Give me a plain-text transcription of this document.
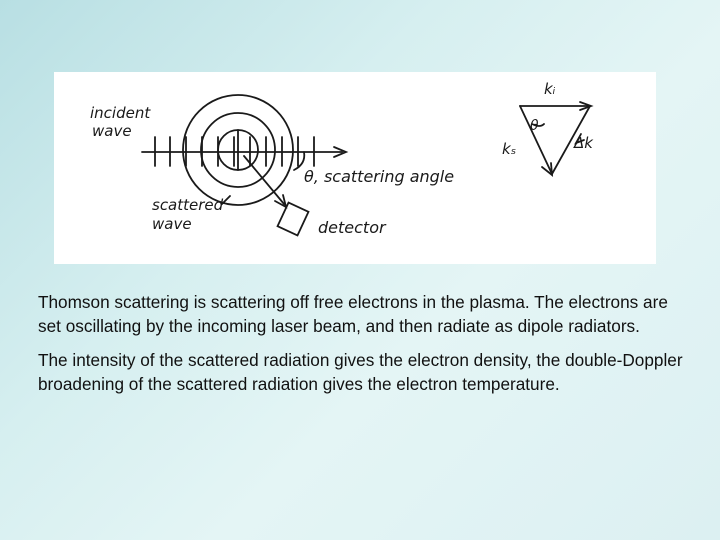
incident
wave
scattered
wave
θ, scattering angle
detector
kᵢ
kₛ
θ
Δk

Thomson scattering is scattering off free electrons in the plasma. The electrons are set oscillating by the incoming laser beam, and then radiate as dipole radiators.

The intensity of the scattered radiation gives the electron density, the double-Doppler broadening of the scattered radiation gives the electron temperature.
